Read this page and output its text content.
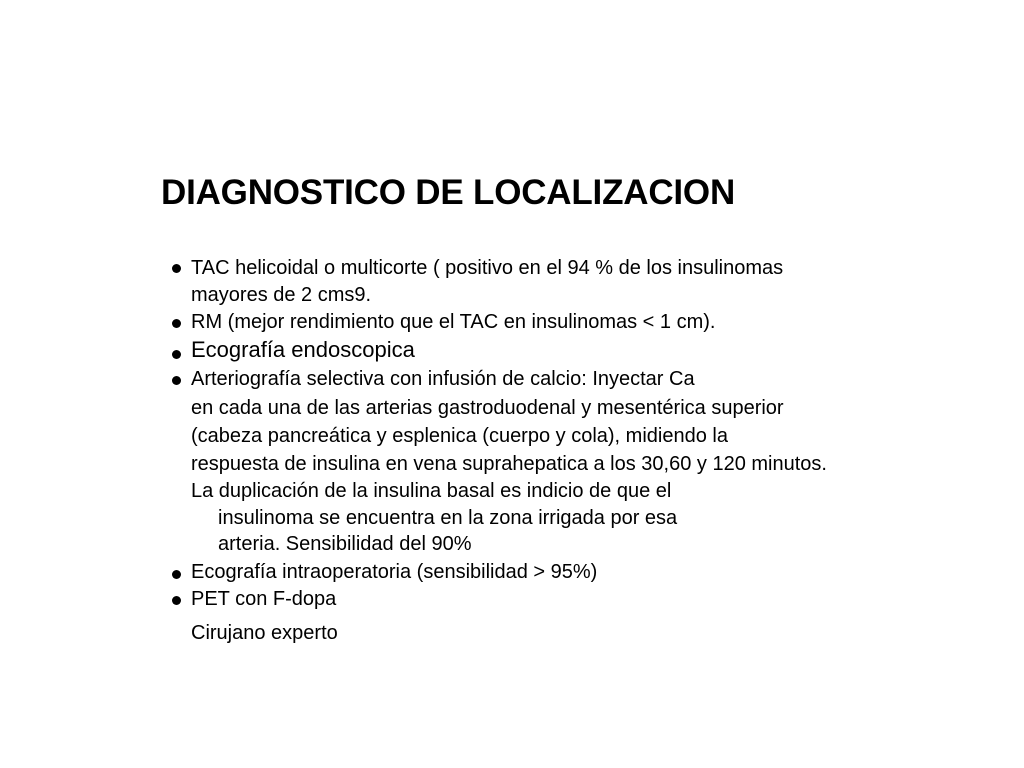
DIAGNOSTICO DE LOCALIZACION
TAC helicoidal o multicorte ( positivo en el 94 % de los insulinomas
mayores de 2 cms9.
RM (mejor rendimiento que el TAC en insulinomas < 1 cm).
Ecografía endoscopica
Arteriografía selectiva con infusión de calcio: Inyectar Ca
en cada una de las arterias gastroduodenal y mesentérica superior
(cabeza pancreática y esplenica (cuerpo y cola), midiendo la
respuesta de insulina en vena suprahepatica a los 30,60 y 120 minutos.
La duplicación de la insulina basal es indicio de que el
insulinoma se encuentra en la zona irrigada por esa
arteria. Sensibilidad del 90%
Ecografía intraoperatoria (sensibilidad > 95%)
PET con F-dopa
Cirujano experto
